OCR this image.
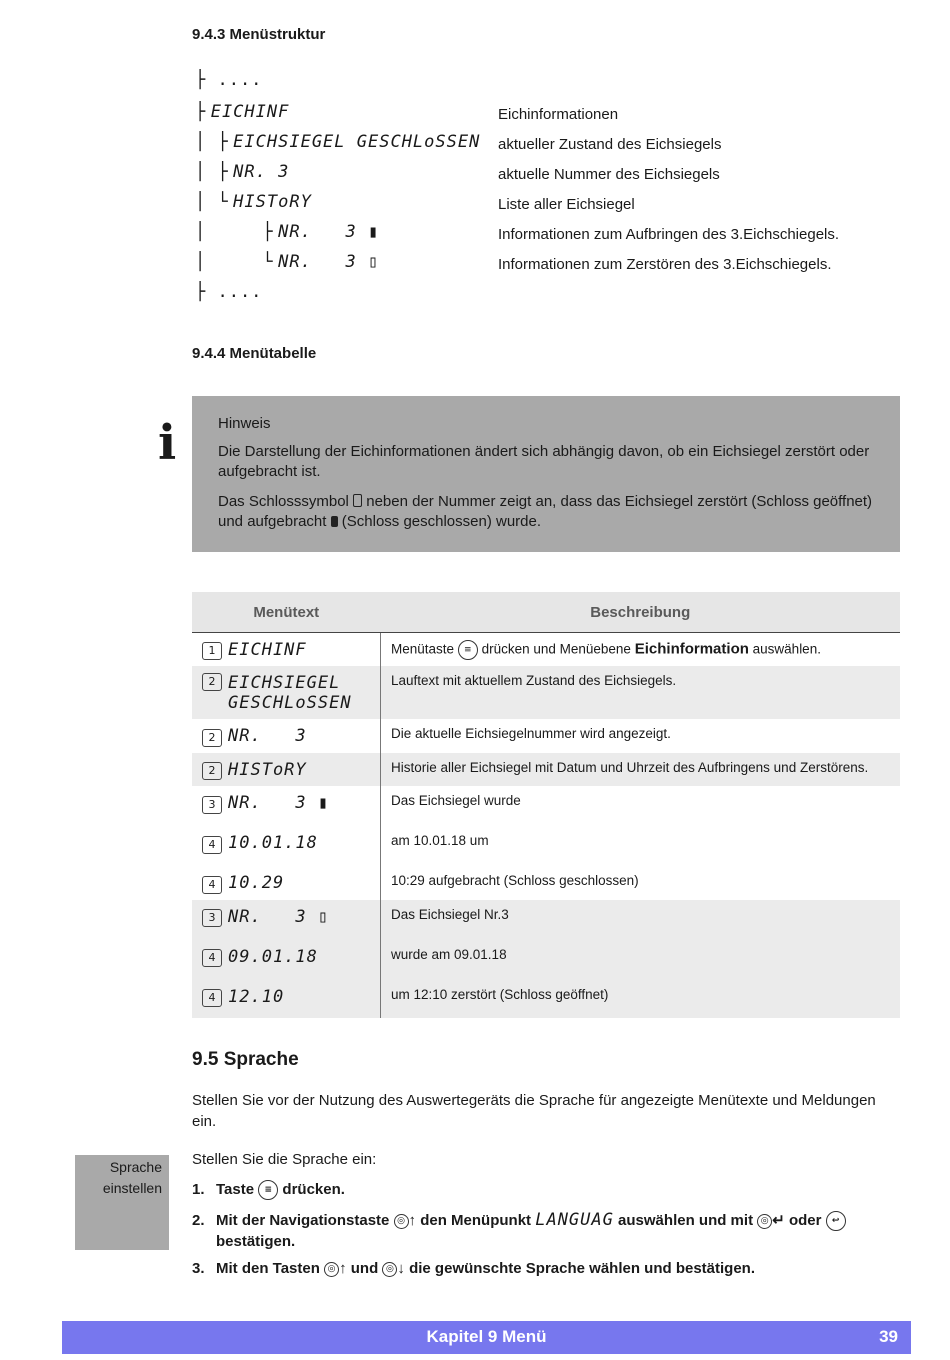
9.4.3 Menüstruktur
├ ....
├ EICHINF	Eichinformationen
│ ├ EICHSIEGEL GESCHLoSSEN aktueller Zustand des Eichsiegels
│ ├ NR. 3	aktuelle Nummer des Eichsiegels
│ └ HISToRY	Liste aller Eichsiegel
│     ├ NR.   3 ▮	Informationen zum Aufbringen des 3.Eichschiegels.
│     └ NR.   3 ▯	Informationen zum Zerstören des 3.Eichschiegels.
├ ....
9.4.4 Menütabelle
i	Hinweis

Die Darstellung der Eichinformationen ändert sich abhängig davon, ob ein Eichsiegel zerstört oder aufgebracht ist.

Das Schlosssymbol neben der Nummer zeigt an, dass das Eichsiegel zerstört (Schloss geöffnet) und aufgebracht (Schloss geschlossen) wurde.

Menütext	Beschreibung
1 EICHINF	Menütaste ≡ drücken und Menüebene Eichinformation auswählen.
2 EICHSIEGEL GESCHLoSSEN	Lauftext mit aktuellem Zustand des Eichsiegels.
2 NR.   3	Die aktuelle Eichsiegelnummer wird angezeigt.
2 HISToRY	Historie aller Eichsiegel mit Datum und Uhrzeit des Aufbringens und Zerstörens.
3 NR.   3 ▮	Das Eichsiegel wurde
4 10.01.18	am 10.01.18 um
4 10.29	10:29 aufgebracht (Schloss geschlossen)
3 NR.   3 ▯	Das Eichsiegel Nr.3
4 09.01.18	wurde am 09.01.18
4 12.10	um 12:10 zerstört (Schloss geöffnet)
9.5 Sprache
Stellen Sie vor der Nutzung des Auswertegeräts die Sprache für angezeigte Menütexte und Meldungen ein.
Stellen Sie die Sprache ein:
1. Taste ≡ drücken.
2. Mit der Navigationstaste ◎ ↑ den Menüpunkt LANGUAG auswählen und mit ◎ ↵ oder ↩
bestätigen.
3. Mit den Tasten ◎ ↑ und ◎ ↓ die gewünschte Sprache wählen und bestätigen.
Sprache
einstellen
Kapitel 9 Menü	39
